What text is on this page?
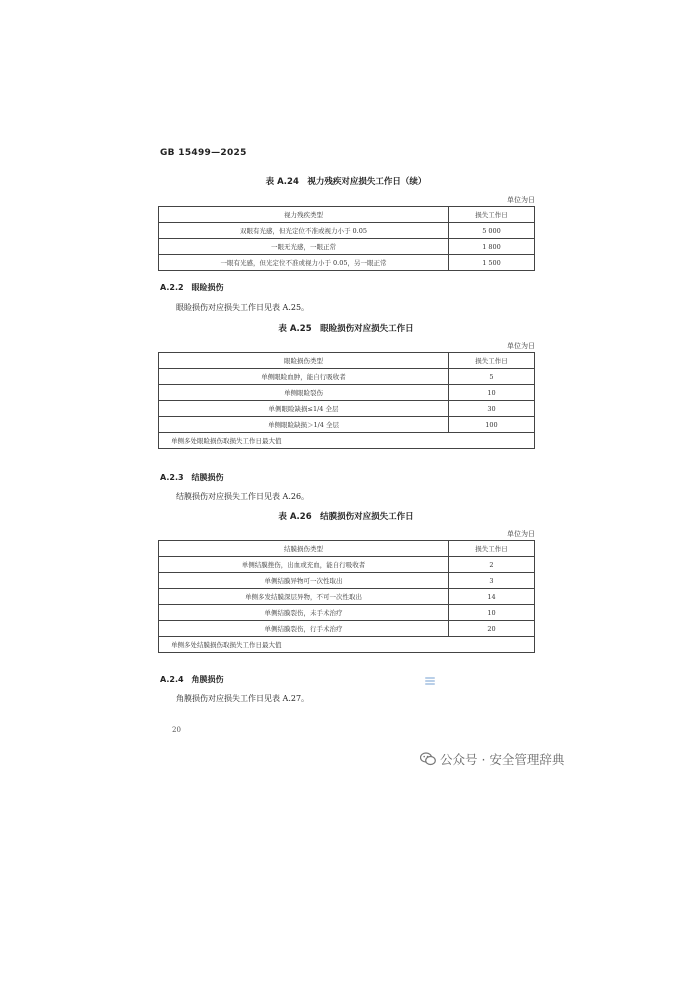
GB 15499—2025
表 A.24　视力残疾对应损失工作日（续）
单位为日
视力残疾类型	损失工作日
双眼有光感，但光定位不准或视力小于 0.05	5 000
一眼无光感，一眼正常	1 800
一眼有光感，但光定位不准或视力小于 0.05，另一眼正常	1 500
A.2.2　眼睑损伤
眼睑损伤对应损失工作日见表 A.25。
表 A.25　眼睑损伤对应损失工作日
单位为日
眼睑损伤类型	损失工作日
单侧眼睑血肿，能自行吸收者	5
单侧眼睑裂伤	10
单侧眼睑缺损≤1/4 全层	30
单侧眼睑缺损＞1/4 全层	100
单侧多处眼睑损伤取损失工作日最大值	
A.2.3　结膜损伤
结膜损伤对应损失工作日见表 A.26。
表 A.26　结膜损伤对应损失工作日
单位为日
结膜损伤类型	损失工作日
单侧结膜挫伤，出血或充血，能自行吸收者	2
单侧结膜异物可一次性取出	3
单侧多发结膜深层异物，不可一次性取出	14
单侧结膜裂伤，未手术治疗	10
单侧结膜裂伤，行手术治疗	20
单侧多处结膜损伤取损失工作日最大值	
A.2.4　角膜损伤
角膜损伤对应损失工作日见表 A.27。
20
公众号 · 安全管理辞典
